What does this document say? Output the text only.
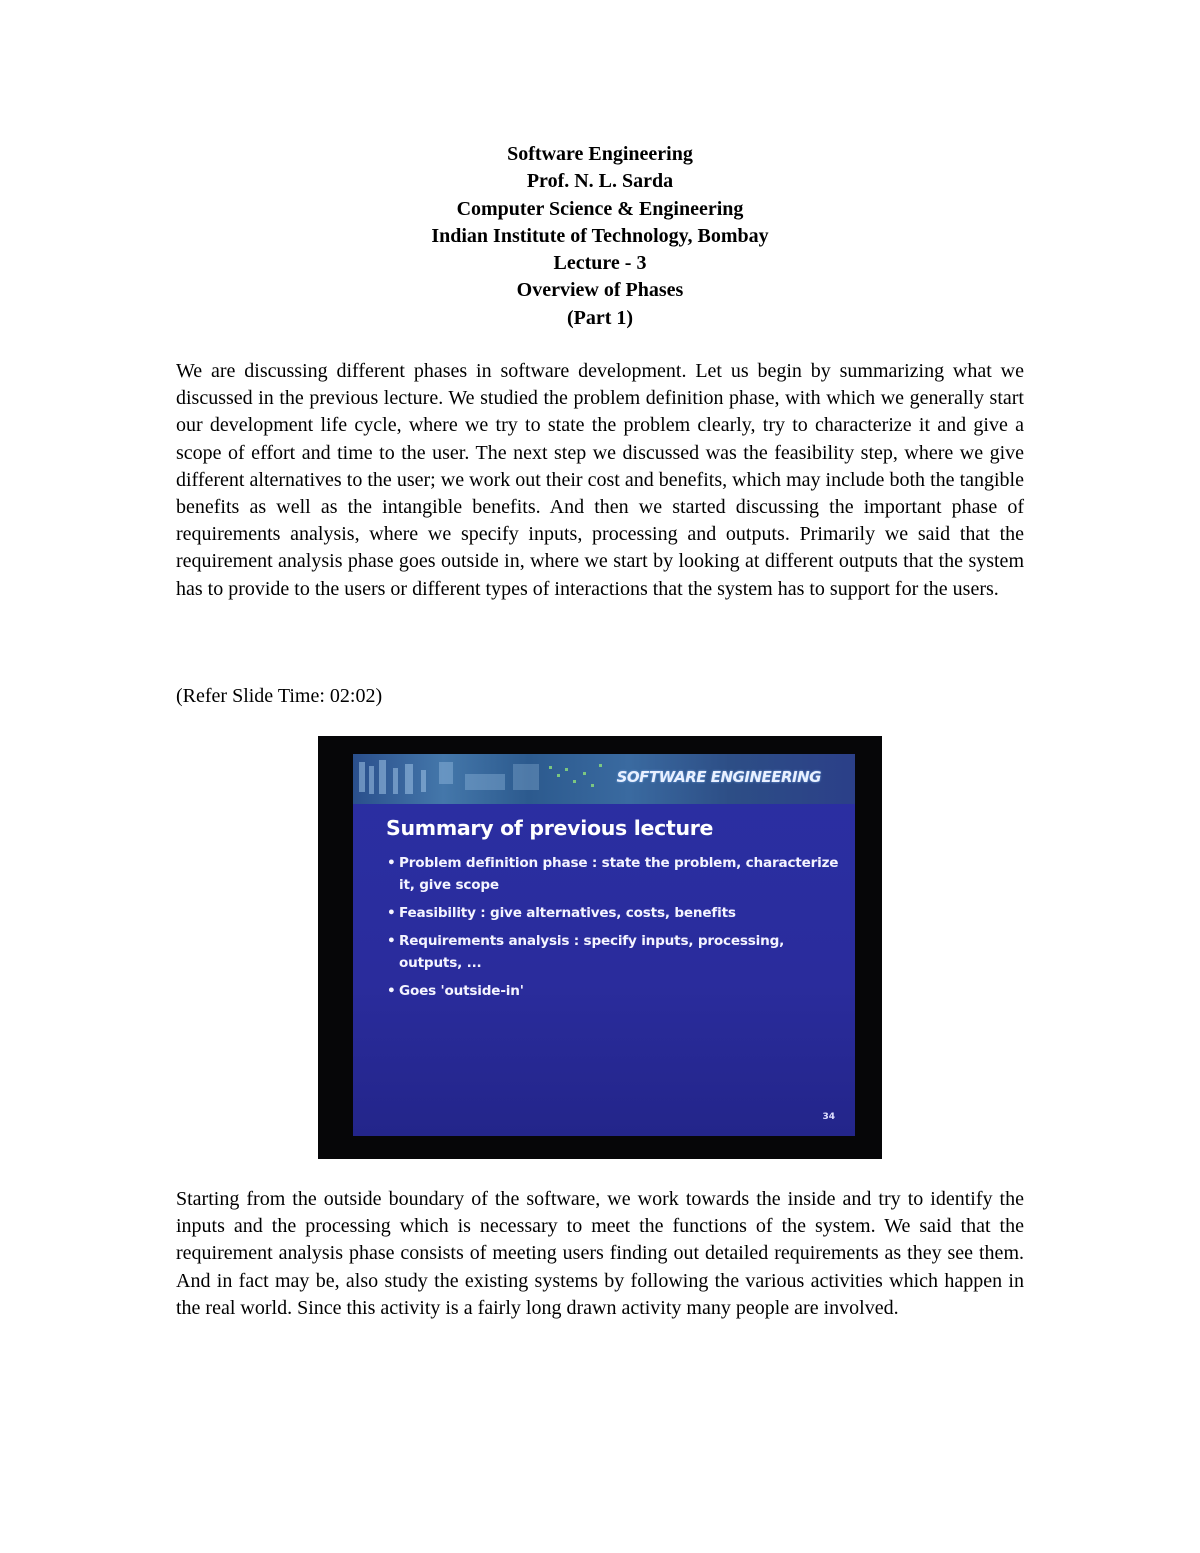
Software Engineering
Prof. N. L. Sarda
Computer Science & Engineering
Indian Institute of Technology, Bombay
Lecture - 3
Overview of Phases
(Part 1)

We are discussing different phases in software development. Let us begin by summarizing what we discussed in the previous lecture. We studied the problem definition phase, with which we generally start our development life cycle, where we try to state the problem clearly, try to characterize it and give a scope of effort and time to the user. The next step we discussed was the feasibility step, where we give different alternatives to the user; we work out their cost and benefits, which may include both the tangible benefits as well as the intangible benefits. And then we started discussing the important phase of requirements analysis, where we specify inputs, processing and outputs. Primarily we said that the requirement analysis phase goes outside in, where we start by looking at different outputs that the system has to provide to the users or different types of interactions that the system has to support for the users.

(Refer Slide Time: 02:02)

SOFTWARE ENGINEERING
Summary of previous lecture
• Problem definition phase : state the problem, characterize it, give scope
• Feasibility : give alternatives, costs, benefits
• Requirements analysis : specify inputs, processing, outputs, ...
• Goes 'outside-in'
34

Starting from the outside boundary of the software, we work towards the inside and try to identify the inputs and the processing which is necessary to meet the functions of the system. We said that the requirement analysis phase consists of meeting users finding out detailed requirements as they see them. And in fact may be, also study the existing systems by following the various activities which happen in the real world. Since this activity is a fairly long drawn activity many people are involved.
